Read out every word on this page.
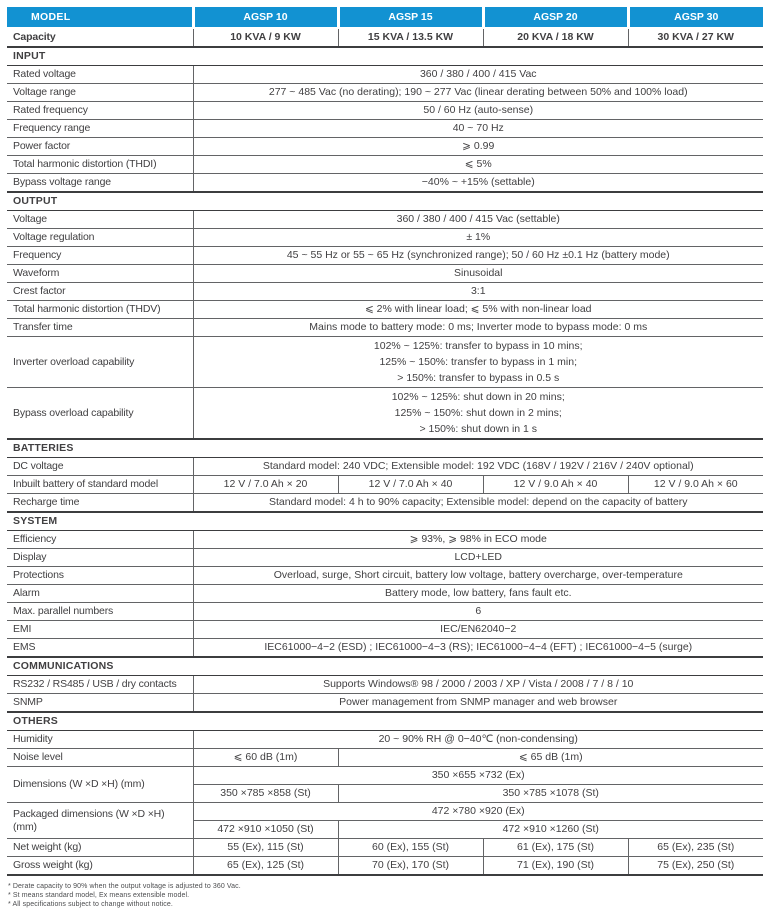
MODEL	AGSP 10	AGSP 15	AGSP 20	AGSP 30
Capacity	10 KVA / 9 KW	15 KVA / 13.5 KW	20 KVA / 18 KW	30 KVA / 27 KW
INPUT				
Rated voltage	360 / 380 / 400 / 415 Vac			
Voltage range	277 ~ 485 Vac (no derating); 190 ~ 277 Vac (linear derating between 50% and 100% load)			
Rated frequency	50 / 60 Hz (auto-sense)			
Frequency range	40 ~ 70 Hz			
Power factor	⩾ 0.99			
Total harmonic distortion (THDI)	⩽ 5%			
Bypass voltage range	−40% ~ +15% (settable)			
OUTPUT				
Voltage	360 / 380 / 400 / 415 Vac (settable)			
Voltage regulation	± 1%			
Frequency	45 ~ 55 Hz or 55 ~ 65 Hz (synchronized range); 50 / 60 Hz ±0.1 Hz (battery mode)			
Waveform	Sinusoidal			
Crest factor	3:1			
Total harmonic distortion (THDV)	⩽ 2% with linear load; ⩽ 5% with non-linear load			
Transfer time	Mains mode to battery mode: 0 ms; Inverter mode to bypass mode: 0 ms			
Inverter overload capability	102% ~ 125%: transfer to bypass in 10 mins;
125% ~ 150%: transfer to bypass in 1 min;
> 150%: transfer to bypass in 0.5 s			

Bypass overload capability	102% ~ 125%: shut down in 20 mins;
125% ~ 150%: shut down in 2 mins;
> 150%: shut down in 1 s			

BATTERIES				
DC voltage	Standard model: 240 VDC; Extensible model: 192 VDC (168V / 192V / 216V / 240V optional)			
Inbuilt battery of standard model	12 V / 7.0 Ah × 20	12 V / 7.0 Ah × 40	12 V / 9.0 Ah × 40	12 V / 9.0 Ah × 60
Recharge time	Standard model: 4 h to 90% capacity; Extensible model: depend on the capacity of battery			
SYSTEM				
Efficiency	⩾ 93%, ⩾ 98% in ECO mode			
Display	LCD+LED			
Protections	Overload, surge, Short circuit, battery low voltage, battery overcharge, over-temperature			
Alarm	Battery mode, low battery, fans fault etc.			
Max. parallel numbers	6			
EMI	IEC/EN62040−2			
EMS	IEC61000−4−2 (ESD) ; IEC61000−4−3 (RS); IEC61000−4−4 (EFT) ; IEC61000−4−5 (surge)			
COMMUNICATIONS				
RS232 / RS485 / USB / dry contacts	Supports Windows® 98 / 2000 / 2003 / XP / Vista / 2008 / 7 / 8 / 10			
SNMP	Power management from SNMP manager and web browser			
OTHERS				
Humidity	20 ~ 90% RH @ 0−40℃ (non-condensing)			
Noise level	⩽ 60 dB (1m)	⩽ 65 dB (1m)		
Dimensions (W ×D ×H) (mm)	350 ×655 ×732 (Ex)			
	350 ×785 ×858 (St)	350 ×785 ×1078 (St)		
Packaged dimensions (W ×D ×H) (mm)	472 ×780 ×920 (Ex)			
	472 ×910 ×1050 (St)	472 ×910 ×1260 (St)		
Net weight (kg)	55 (Ex), 115 (St)	60 (Ex), 155 (St)	61 (Ex), 175 (St)	65 (Ex), 235 (St)
Gross weight (kg)	65 (Ex), 125 (St)	70 (Ex), 170 (St)	71 (Ex), 190 (St)	75 (Ex), 250 (St)
* Derate capacity to 90% when the output voltage is adjusted to 360 Vac.
* St means standard model, Ex means extensible model.
* All specifications subject to change without notice.
